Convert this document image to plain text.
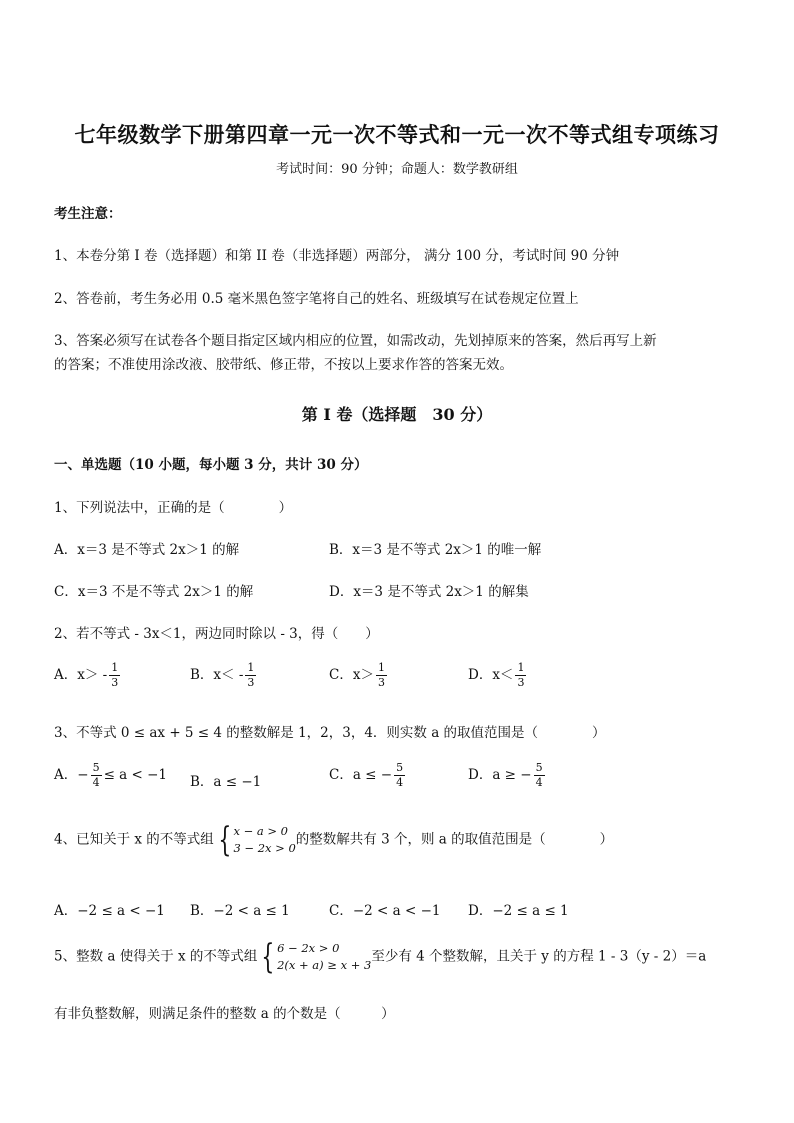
七年级数学下册第四章一元一次不等式和一元一次不等式组专项练习
考试时间：90 分钟；命题人：数学教研组
考生注意：
1、本卷分第 I 卷（选择题）和第 II 卷（非选择题）两部分， 满分 100 分，考试时间 90 分钟
2、答卷前，考生务必用 0.5 毫米黑色签字笔将自己的姓名、班级填写在试卷规定位置上
3、答案必须写在试卷各个题目指定区域内相应的位置，如需改动，先划掉原来的答案，然后再写上新
的答案；不准使用涂改液、胶带纸、修正带，不按以上要求作答的答案无效。
第 I 卷（选择题　30 分）
一、单选题（10 小题，每小题 3 分，共计 30 分）
1、下列说法中，正确的是（　　　　）
A．x＝3 是不等式 2x＞1 的解	B．x＝3 是不等式 2x＞1 的唯一解
C．x＝3 不是不等式 2x＞1 的解	D．x＝3 是不等式 2x＞1 的解集
2、若不等式 - 3x＜1，两边同时除以 - 3，得（　　）
A．$x> - \frac{1}{3}$	B．$x< - \frac{1}{3}$	C．$x> \frac{1}{3}$	D．$x< \frac{1}{3}$
3、不等式 0 ≤ ax + 5 ≤ 4 的整数解是 1，2，3，4．则实数 a 的取值范围是（　　　　）
A．− $\frac{5}{4} \le a < -1$ B．a ≤ −1	C．a ≤ − $\frac{5}{4}$	D．a ≥ − $\frac{5}{4}$
4、已知关于 x 的不等式组 { x − a > 0
3 − 2x > 0
的整数解共有 3 个，则 a 的取值范围是（　　　　）
A．−2 ≤ a < −1 B．−2 < a ≤ 1	C．−2 < a < −1 D．−2 ≤ a ≤ 1
5、整数 a 使得关于 x 的不等式组 { 6 − 2x > 0
2(x + a) ≥ x + 3
至少有 4 个整数解，且关于 y 的方程 1 - 3（y - 2）＝a
有非负整数解，则满足条件的整数 a 的个数是（　　　）
